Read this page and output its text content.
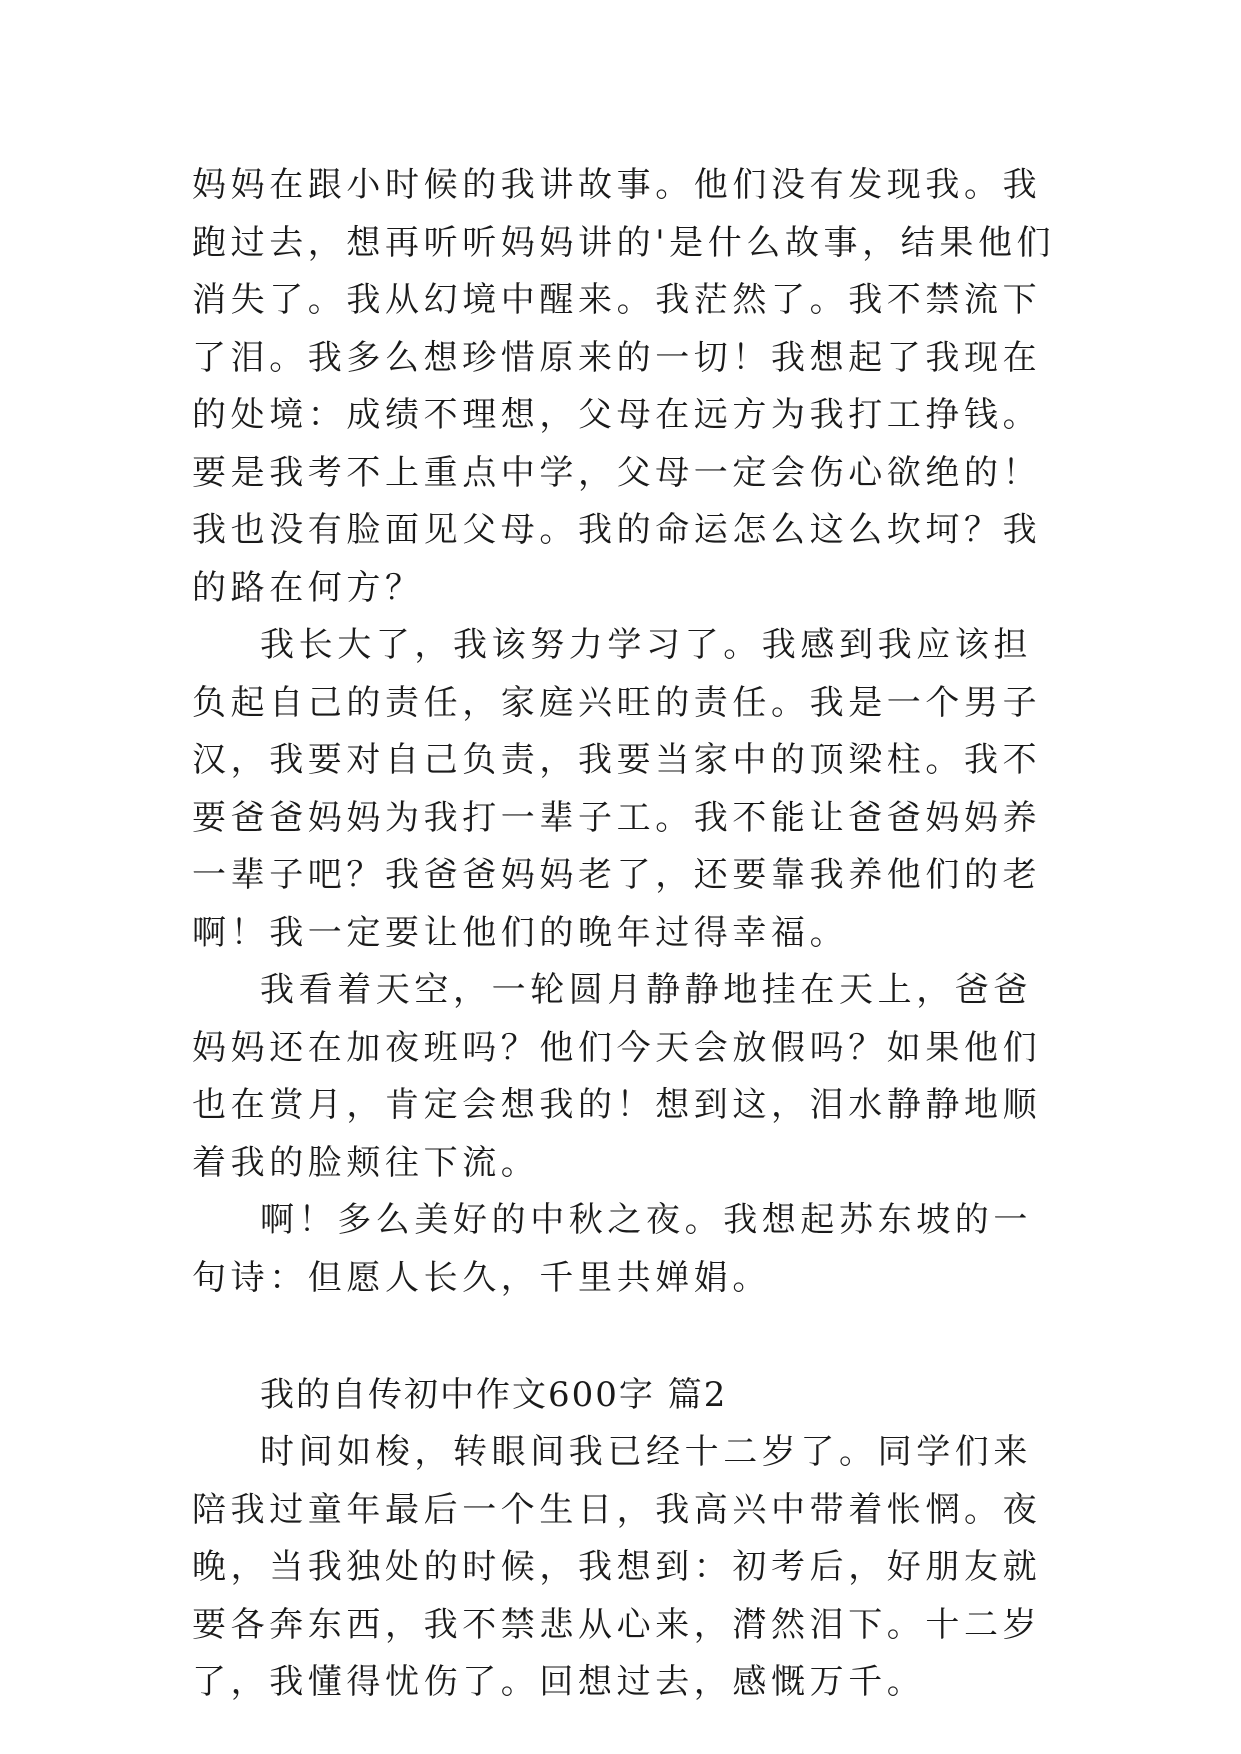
妈妈在跟小时候的我讲故事。他们没有发现我。我跑过去，想再听听妈妈讲的'是什么故事，结果他们消失了。我从幻境中醒来。我茫然了。我不禁流下了泪。我多么想珍惜原来的一切！我想起了我现在的处境：成绩不理想，父母在远方为我打工挣钱。要是我考不上重点中学，父母一定会伤心欲绝的！我也没有脸面见父母。我的命运怎么这么坎坷？我的路在何方？

我长大了，我该努力学习了。我感到我应该担负起自己的责任，家庭兴旺的责任。我是一个男子汉，我要对自己负责，我要当家中的顶梁柱。我不要爸爸妈妈为我打一辈子工。我不能让爸爸妈妈养一辈子吧？我爸爸妈妈老了，还要靠我养他们的老啊！我一定要让他们的晚年过得幸福。

我看着天空，一轮圆月静静地挂在天上，爸爸妈妈还在加夜班吗？他们今天会放假吗？如果他们也在赏月，肯定会想我的！想到这，泪水静静地顺着我的脸颊往下流。

啊！多么美好的中秋之夜。我想起苏东坡的一句诗：但愿人长久，千里共婵娟。

我的自传初中作文600字 篇2

时间如梭，转眼间我已经十二岁了。同学们来陪我过童年最后一个生日，我高兴中带着怅惘。夜晚，当我独处的时候，我想到：初考后，好朋友就要各奔东西，我不禁悲从心来，潸然泪下。十二岁了，我懂得忧伤了。回想过去，感慨万千。
